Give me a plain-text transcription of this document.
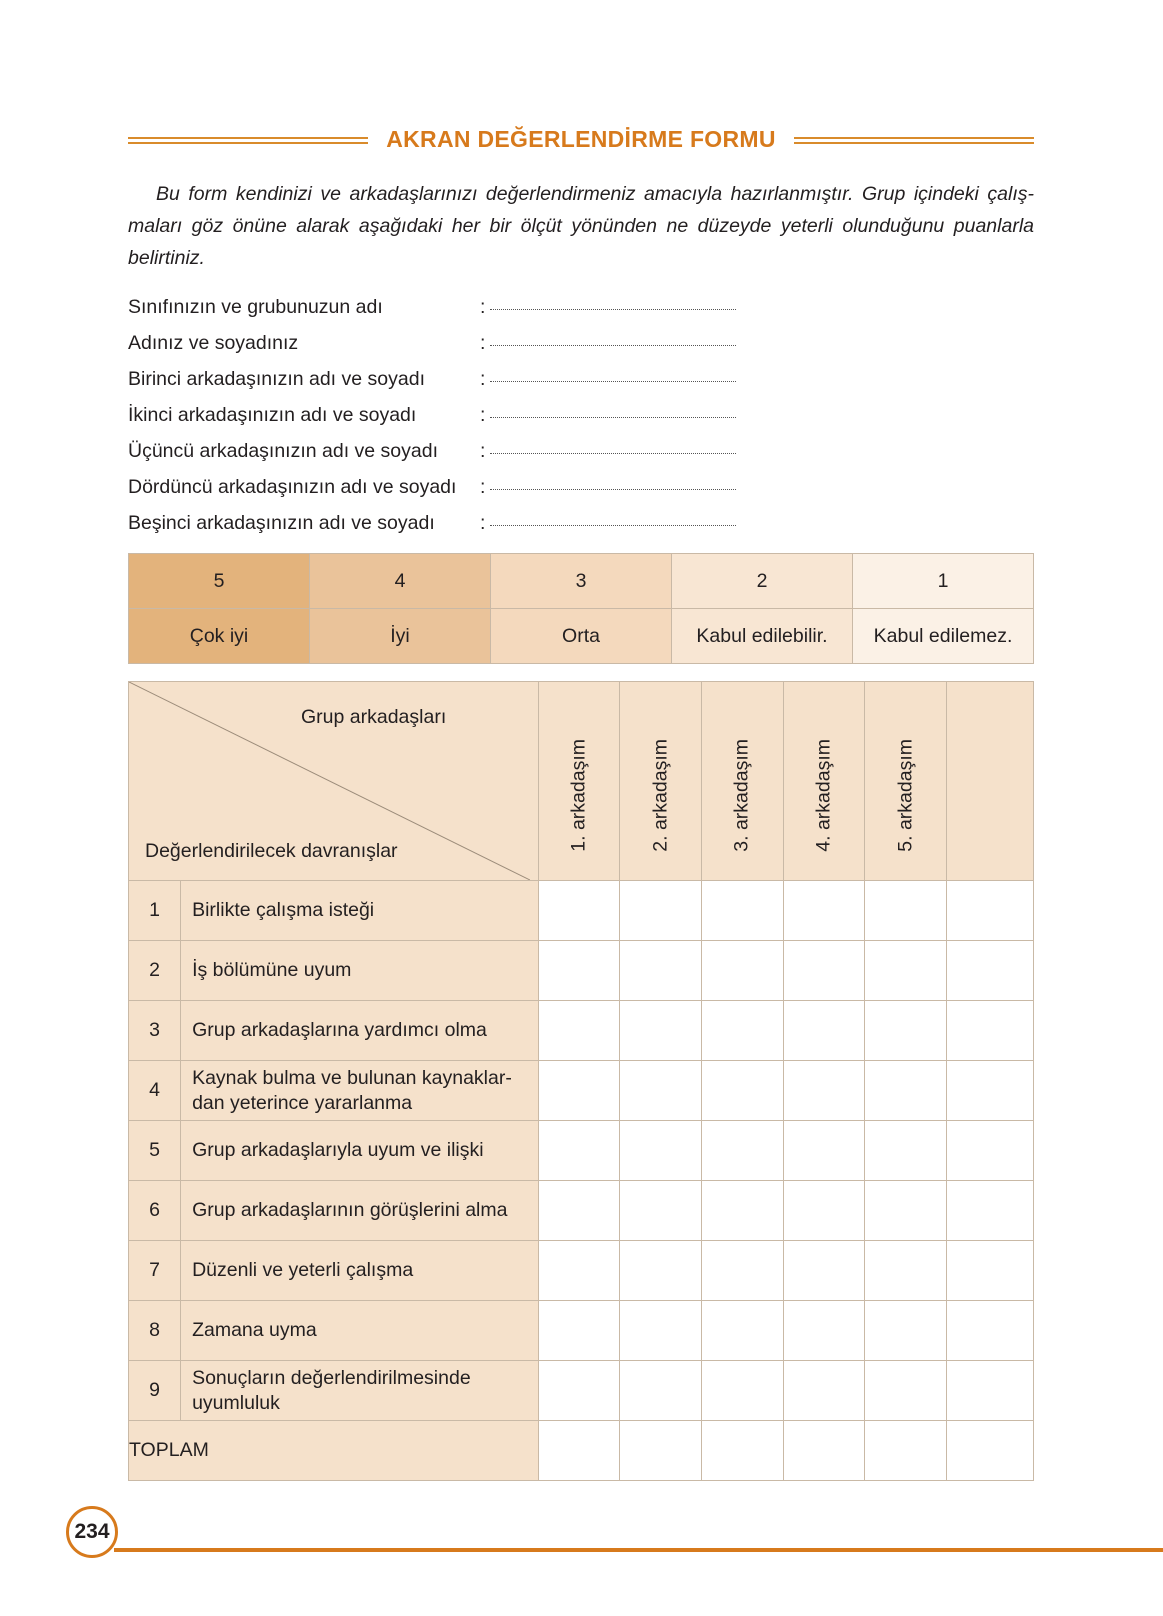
AKRAN DEĞERLENDİRME FORMU

Bu form kendinizi ve arkadaşlarınızı değerlendirmeniz amacıyla hazırlanmıştır. Grup içindeki çalış-maları göz önüne alarak aşağıdaki her bir ölçüt yönünden ne düzeyde yeterli olunduğunu puanlarla belirtiniz.

Sınıfınızın ve grubunuzun adı	:
Adınız ve soyadınız	:
Birinci arkadaşınızın adı ve soyadı	:
İkinci arkadaşınızın adı ve soyadı	:
Üçüncü arkadaşınızın adı ve soyadı :
Dördüncü arkadaşınızın adı ve soyadı :
Beşinci arkadaşınızın adı ve soyadı :
5	4	3	2	1
Çok iyi	İyi	Orta	Kabul edilebilir.	Kabul edilemez.
Grup arkadaşları
Değerlendirilecek davranışlar		1. arkadaşım	2. arkadaşım	3. arkadaşım	4. arkadaşım	5. arkadaşım	

1	Birlikte çalışma isteği						
2	İş bölümüne uyum						
3	Grup arkadaşlarına yardımcı olma						
4	Kaynak bulma ve bulunan kaynaklar-dan yeterince yararlanma						
5	Grup arkadaşlarıyla uyum ve ilişki						
6	Grup arkadaşlarının görüşlerini alma						
7	Düzenli ve yeterli çalışma						
8	Zamana uyma						
9	Sonuçların değerlendirilmesinde uyumluluk						
TOPLAM							
234
